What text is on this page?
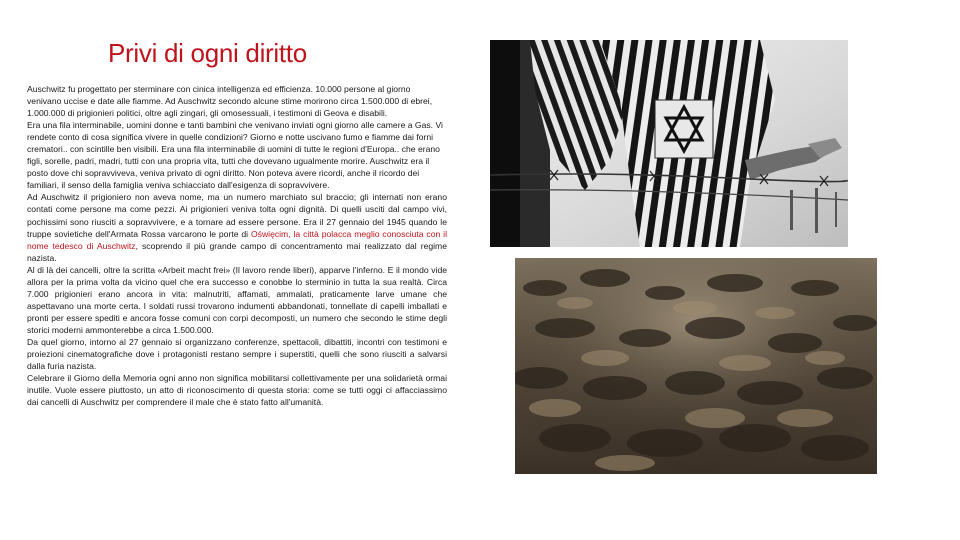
Privi di ogni diritto

Auschwitz fu progettato per sterminare con cinica intelligenza ed efficienza. 10.000 persone al giorno venivano uccise e date alle fiamme. Ad Auschwitz secondo alcune stime morirono circa 1.500.000 di ebrei, 1.000.000 di prigionieri politici, oltre agli zingari, gli omosessuali, i testimoni di Geova e disabili.

Era una fila interminabile, uomini donne e tanti bambini che venivano inviati ogni giorno alle camere a Gas. Vi rendete conto di cosa significa vivere in quelle condizioni? Giorno e notte uscivano fumo e fiamme dai forni crematori.. con scintille ben visibili. Era una fila interminabile di uomini di tutte le regioni d'Europa.. che erano figli, sorelle, padri, madri, tutti con una propria vita, tutti che dovevano ugualmente morire. Auschwitz era il posto dove chi sopravviveva, veniva privato di ogni diritto. Non poteva avere ricordi, anche il ricordo dei familiari, il senso della famiglia veniva schiacciato dall'esigenza di sopravvivere.

Ad Auschwitz il prigioniero non aveva nome, ma un numero marchiato sul braccio; gli internati non erano contati come persone ma come pezzi. Ai prigionieri veniva tolta ogni dignità. Di quelli usciti dal campo vivi, pochissimi sono riusciti a sopravvivere, e a tornare ad essere persone. Era il 27 gennaio del 1945 quando le truppe sovietiche dell'Armata Rossa varcarono le porte di Oświęcim, la città polacca meglio conosciuta con il nome tedesco di Auschwitz, scoprendo il più grande campo di concentramento mai realizzato dal regime nazista.

Al di là dei cancelli, oltre la scritta «Arbeit macht frei» (Il lavoro rende liberi), apparve l'inferno. E il mondo vide allora per la prima volta da vicino quel che era successo e conobbe lo sterminio in tutta la sua realtà. Circa 7.000 prigionieri erano ancora in vita: malnutriti, affamati, ammalati, praticamente larve umane che aspettavano una morte certa. I soldati russi trovarono indumenti abbandonati, tonnellate di capelli imballati e pronti per essere spediti e ancora fosse comuni con corpi decomposti, un numero che secondo le stime degli storici moderni ammonterebbe a circa 1.500.000.

Da quel giorno, intorno al 27 gennaio si organizzano conferenze, spettacoli, dibattiti, incontri con testimoni e proiezioni cinematografiche dove i protagonisti restano sempre i superstiti, quelli che sono riusciti a salvarsi dalla furia nazista.

Celebrare il Giorno della Memoria ogni anno non significa mobilitarsi collettivamente per una solidarietà ormai inutile. Vuole essere piuttosto, un atto di riconoscimento di questa storia: come se tutti oggi ci affacciassimo dai cancelli di Auschwitz per comprendere il male che è stato fatto all'umanità.
